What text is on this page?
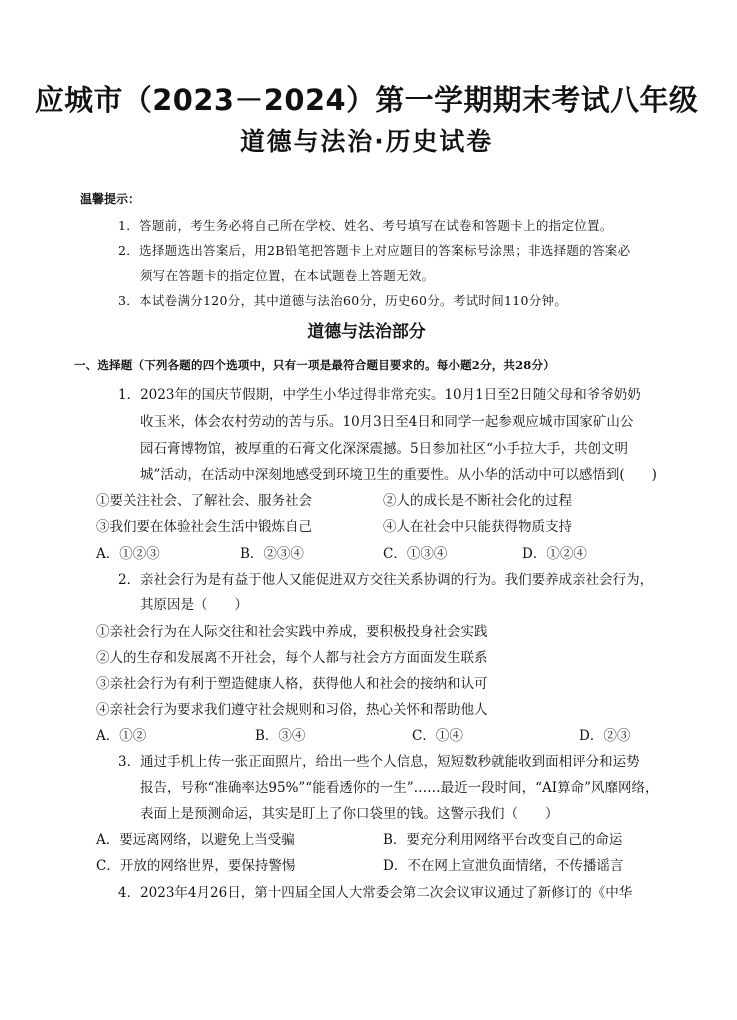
应城市（2023－2024）第一学期期末考试八年级
道德与法治·历史试卷
温馨提示：
1．答题前，考生务必将自己所在学校、姓名、考号填写在试卷和答题卡上的指定位置。
2．选择题选出答案后，用2B铅笔把答题卡上对应题目的答案标号涂黑；非选择题的答案必
须写在答题卡的指定位置，在本试题卷上答题无效。
3．本试卷满分120分，其中道德与法治60分，历史60分。考试时间110分钟。
道德与法治部分
一、选择题（下列各题的四个选项中，只有一项是最符合题目要求的。每小题2分，共28分）
1．2023年的国庆节假期，中学生小华过得非常充实。10月1日至2日随父母和爷爷奶奶
收玉米，体会农村劳动的苦与乐。10月3日至4日和同学一起参观应城市国家矿山公
园石膏博物馆，被厚重的石膏文化深深震撼。5日参加社区“小手拉大手，共创文明
城”活动，在活动中深刻地感受到环境卫生的重要性。从小华的活动中可以感悟到(　　)
①要关注社会、了解社会、服务社会	②人的成长是不断社会化的过程
③我们要在体验社会生活中锻炼自己	④人在社会中只能获得物质支持
A．①②③	B．②③④	C．①③④	D．①②④
2．亲社会行为是有益于他人又能促进双方交往关系协调的行为。我们要养成亲社会行为，
其原因是（　　）
①亲社会行为在人际交往和社会实践中养成，要积极投身社会实践
②人的生存和发展离不开社会，每个人都与社会方方面面发生联系
③亲社会行为有利于塑造健康人格，获得他人和社会的接纳和认可
④亲社会行为要求我们遵守社会规则和习俗，热心关怀和帮助他人
A．①②	B．③④	C．①④	D．②③
3．通过手机上传一张正面照片，给出一些个人信息，短短数秒就能收到面相评分和运势
报告，号称“准确率达95%”“能看透你的一生”……最近一段时间，“AI算命”风靡网络，
表面上是预测命运，其实是盯上了你口袋里的钱。这警示我们（　　）
A．要远离网络，以避免上当受骗	B．要充分利用网络平台改变自己的命运
C．开放的网络世界，要保持警惕	D．不在网上宣泄负面情绪，不传播谣言
4．2023年4月26日，第十四届全国人大常委会第二次会议审议通过了新修订的《中华
